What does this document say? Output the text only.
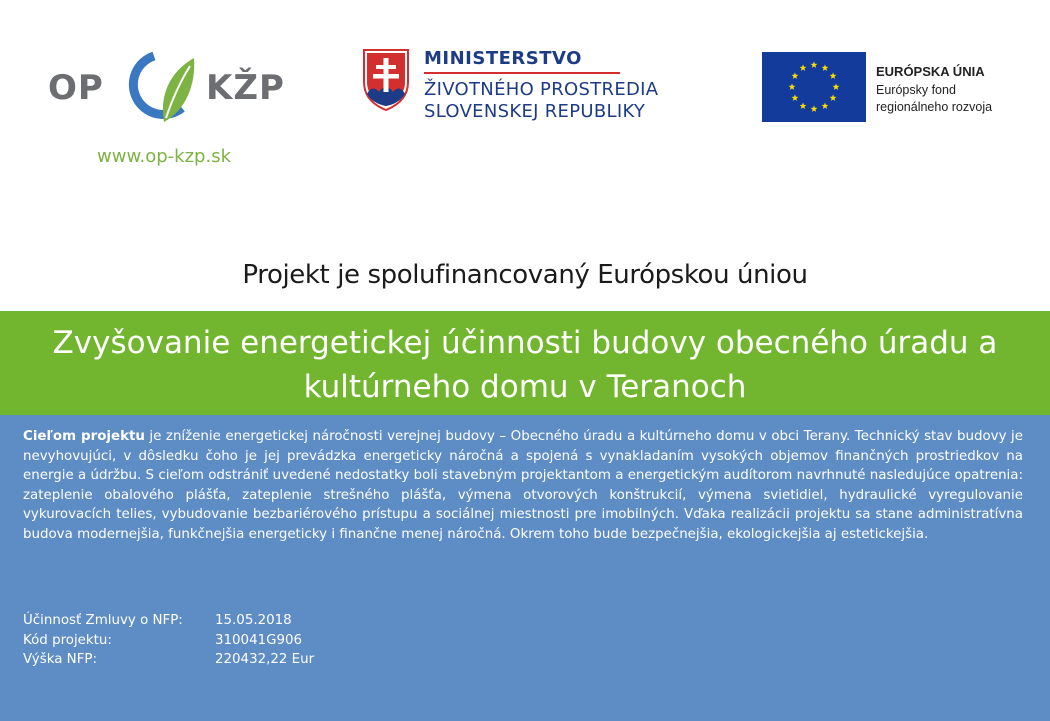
OP	KŽP
www.op-kzp.sk
MINISTERSTVO
ŽIVOTNÉHO PROSTREDIA
SLOVENSKEJ REPUBLIKY
EURÓPSKA ÚNIA
Európsky fond
regionálneho rozvoja
Projekt je spolufinancovaný Európskou úniou
Zvyšovanie energetickej účinnosti budovy obecného úradu a kultúrneho domu v Teranoch
Cieľom projektu je zníženie energetickej náročnosti verejnej budovy – Obecného úradu a kultúrneho domu v obci Terany. Technický stav budovy je nevyhovujúci, v dôsledku čoho je jej prevádzka energeticky náročná a spojená s vynakladaním vysokých objemov finančných prostriedkov na energie a údržbu. S cieľom odstrániť uvedené nedostatky boli stavebným projektantom a energetickým audítorom navrhnuté nasledujúce opatrenia: zateplenie obalového plášťa, zateplenie strešného plášťa, výmena otvorových konštrukcií, výmena svietidiel, hydraulické vyregulovanie vykurovacích telies, vybudovanie bezbariérového prístupu a sociálnej miestnosti pre imobilných. Vďaka realizácii projektu sa stane administratívna budova modernejšia, funkčnejšia energeticky i finančne menej náročná. Okrem toho bude bezpečnejšia, ekologickejšia aj estetickejšia.
Účinnosť Zmluvy o NFP:	15.05.2018
Kód projektu:	310041G906
Výška NFP:	220432,22 Eur
